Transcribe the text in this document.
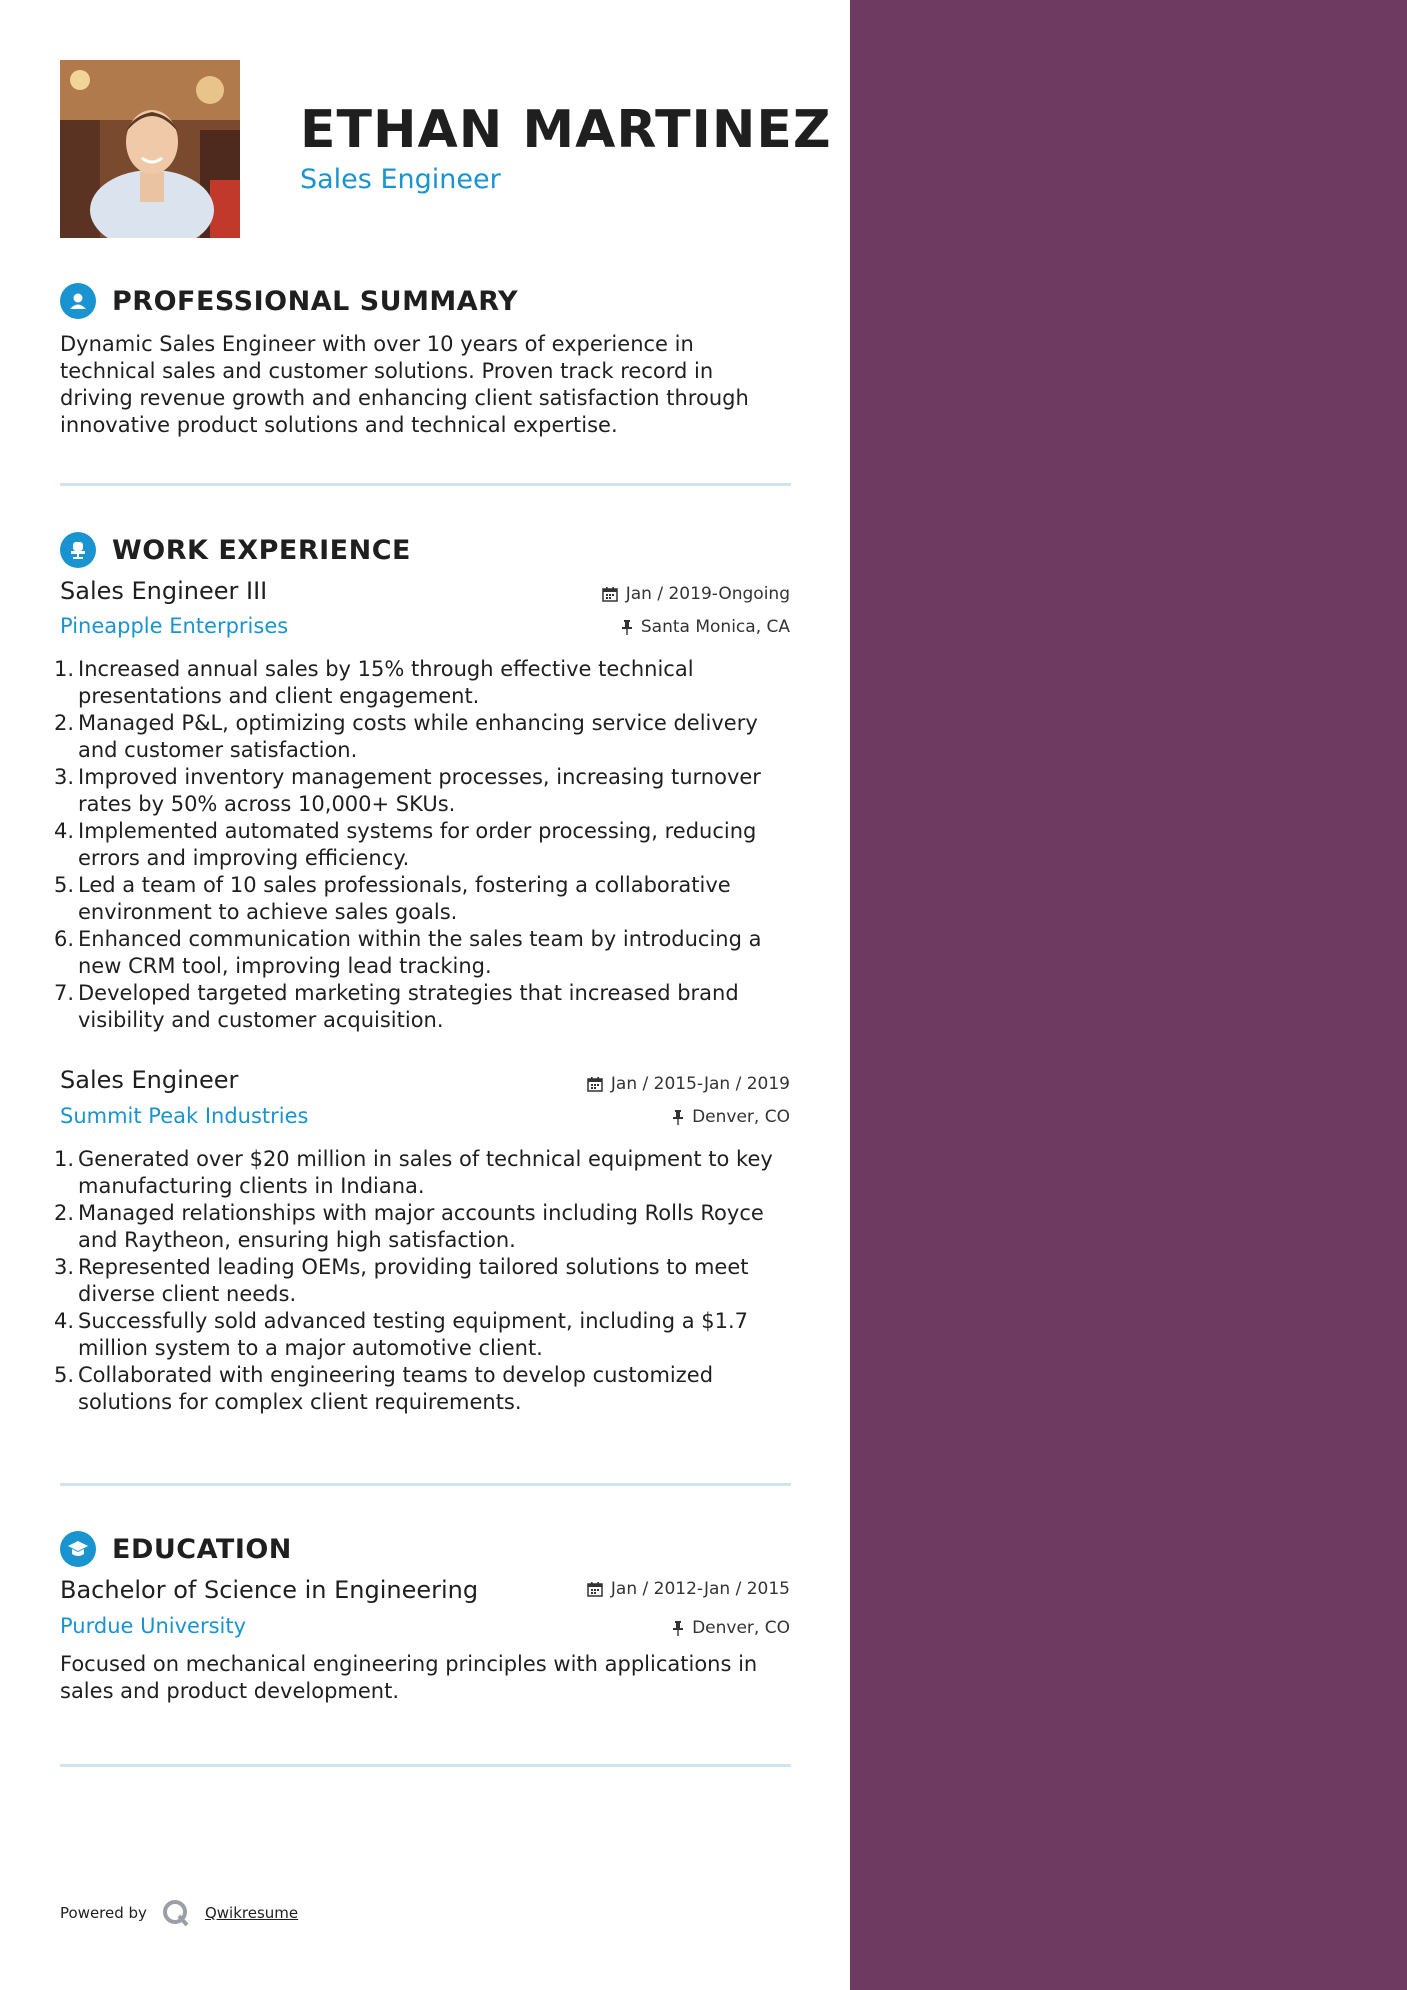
ETHAN MARTINEZ
Sales Engineer
PROFESSIONAL SUMMARY
Dynamic Sales Engineer with over 10 years of experience in technical sales and customer solutions. Proven track record in driving revenue growth and enhancing client satisfaction through innovative product solutions and technical expertise.
WORK EXPERIENCE
Sales Engineer III	Jan / 2019-Ongoing
Pineapple Enterprises	Santa Monica, CA
1. Increased annual sales by 15% through effective technical presentations and client engagement.
2. Managed P&L, optimizing costs while enhancing service delivery and customer satisfaction.
3. Improved inventory management processes, increasing turnover rates by 50% across 10,000+ SKUs.
4. Implemented automated systems for order processing, reducing errors and improving efficiency.
5. Led a team of 10 sales professionals, fostering a collaborative environment to achieve sales goals.
6. Enhanced communication within the sales team by introducing a new CRM tool, improving lead tracking.
7. Developed targeted marketing strategies that increased brand visibility and customer acquisition.
Sales Engineer	Jan / 2015-Jan / 2019
Summit Peak Industries	Denver, CO
1. Generated over $20 million in sales of technical equipment to key manufacturing clients in Indiana.
2. Managed relationships with major accounts including Rolls Royce and Raytheon, ensuring high satisfaction.
3. Represented leading OEMs, providing tailored solutions to meet diverse client needs.
4. Successfully sold advanced testing equipment, including a $1.7 million system to a major automotive client.
5. Collaborated with engineering teams to develop customized solutions for complex client requirements.
EDUCATION
Bachelor of Science in Engineering	Jan / 2012-Jan / 2015
Purdue University	Denver, CO
Focused on mechanical engineering principles with applications in sales and product development.
Powered by	Qwikresume
